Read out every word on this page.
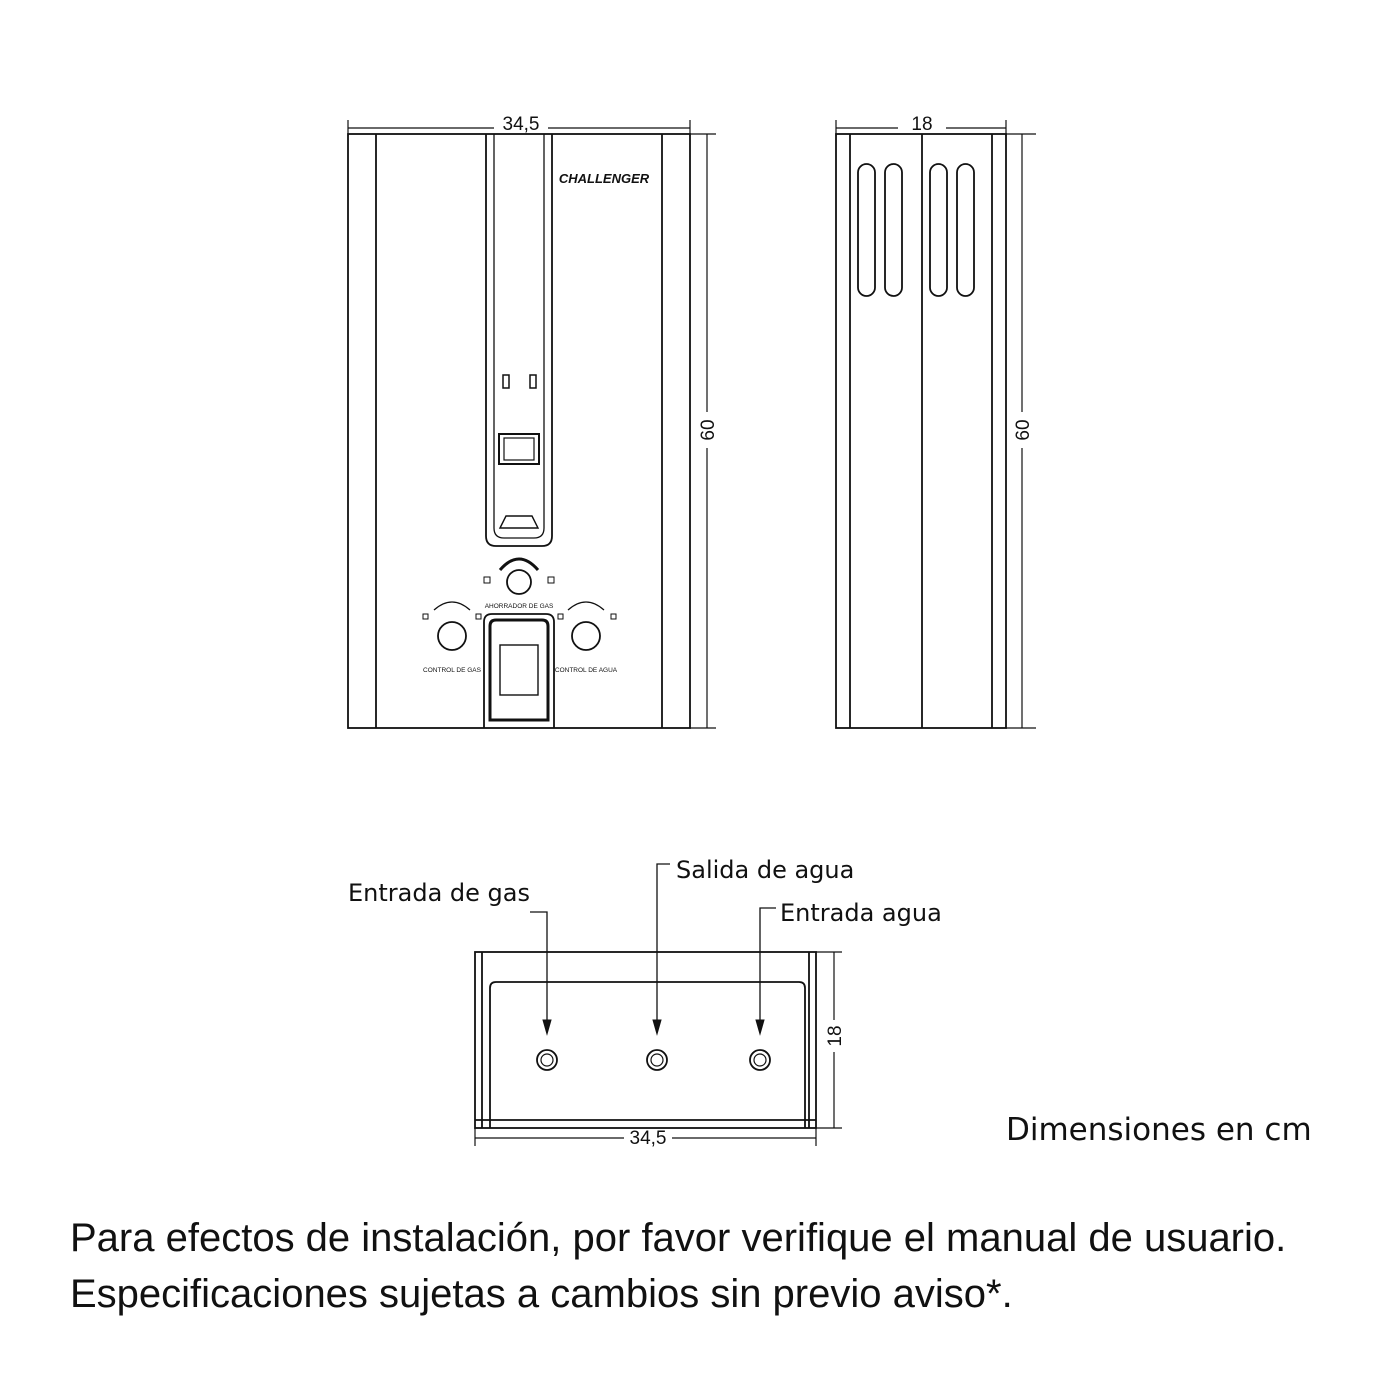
34,5
60
CHALLENGER
AHORRADOR DE GAS
CONTROL DE GAS	CONTROL DE AGUA
18
60
Entrada de gas
Salida de agua
Entrada agua
18
34,5	Dimensiones en cm
Para efectos de instalación, por favor verifique el manual de usuario.
Especificaciones sujetas a cambios sin previo aviso*.
